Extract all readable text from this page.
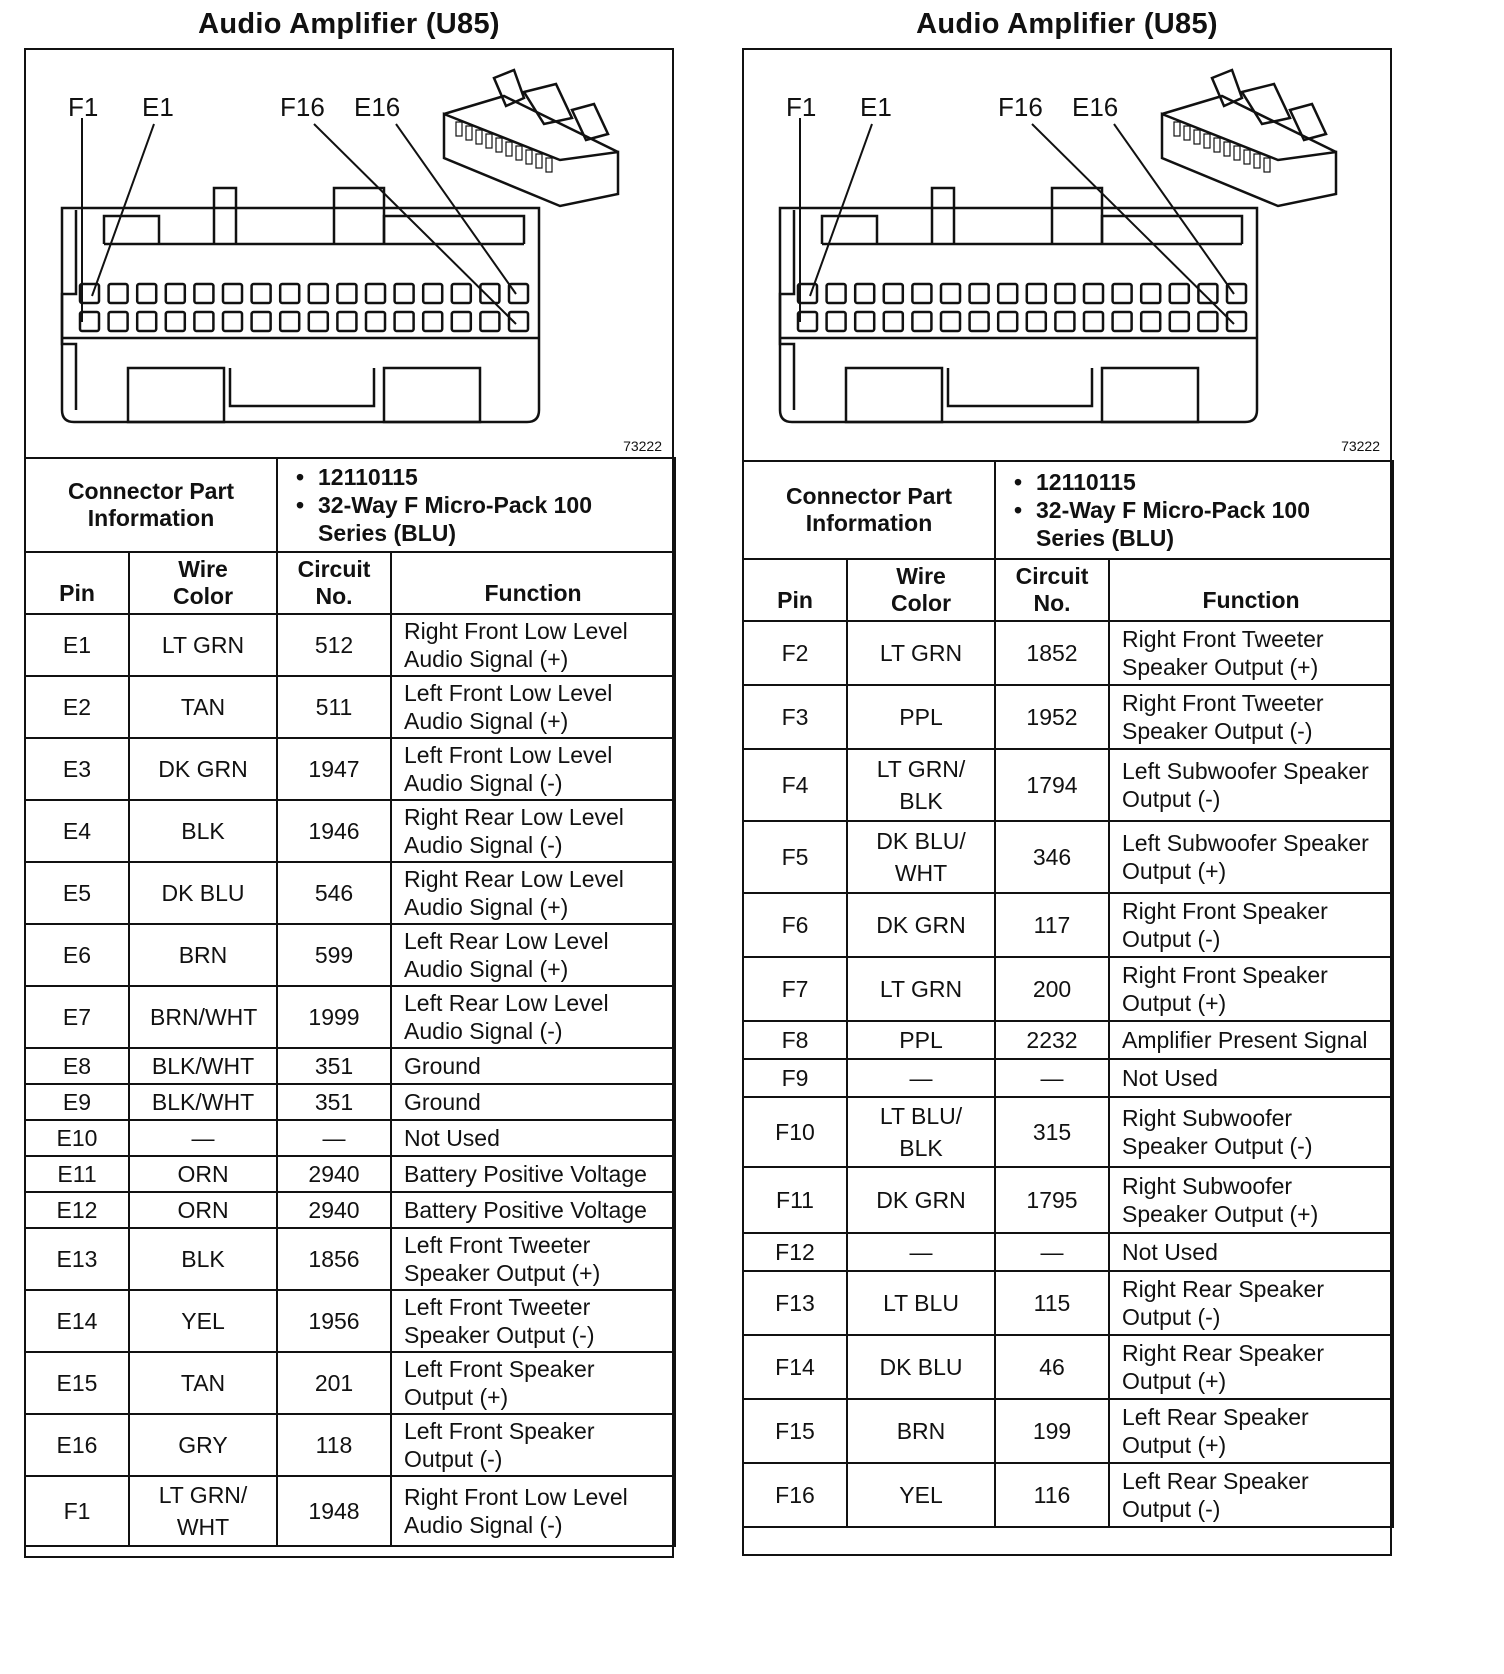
Audio Amplifier (U85)
F1 E1	F16 E16
73222
Connector Part Information		• 12110115
• 32-Way F Micro-Pack 100 Series (BLU)	

Pin	Wire Color	Circuit No.	Function
E1	LT GRN	512	Right Front Low Level Audio Signal (+)
E2	TAN	511	Left Front Low Level Audio Signal (+)
E3	DK GRN	1947	Left Front Low Level Audio Signal (-)
E4	BLK	1946	Right Rear Low Level Audio Signal (-)
E5	DK BLU	546	Right Rear Low Level Audio Signal (+)
E6	BRN	599	Left Rear Low Level Audio Signal (+)
E7	BRN/WHT	1999	Left Rear Low Level Audio Signal (-)
E8	BLK/WHT	351	Ground
E9	BLK/WHT	351	Ground
E10	—	—	Not Used
E11	ORN	2940	Battery Positive Voltage
E12	ORN	2940	Battery Positive Voltage
E13	BLK	1856	Left Front Tweeter Speaker Output (+)
E14	YEL	1956	Left Front Tweeter Speaker Output (-)
E15	TAN	201	Left Front Speaker Output (+)
E16	GRY	118	Left Front Speaker Output (-)
F1	LT GRN/ WHT	1948	Right Front Low Level Audio Signal (-)
Audio Amplifier (U85)
F1 E1	F16 E16
73222
Connector Part Information		• 12110115
• 32-Way F Micro-Pack 100 Series (BLU)	

Pin	Wire Color	Circuit No.	Function
F2	LT GRN	1852	Right Front Tweeter Speaker Output (+)
F3	PPL	1952	Right Front Tweeter Speaker Output (-)
F4	LT GRN/ BLK	1794	Left Subwoofer Speaker Output (-)
F5	DK BLU/ WHT	346	Left Subwoofer Speaker Output (+)
F6	DK GRN	117	Right Front Speaker Output (-)
F7	LT GRN	200	Right Front Speaker Output (+)
F8	PPL	2232	Amplifier Present Signal
F9	—	—	Not Used
F10	LT BLU/ BLK	315	Right Subwoofer Speaker Output (-)
F11	DK GRN	1795	Right Subwoofer Speaker Output (+)
F12	—	—	Not Used
F13	LT BLU	115	Right Rear Speaker Output (-)
F14	DK BLU	46	Right Rear Speaker Output (+)
F15	BRN	199	Left Rear Speaker Output (+)
F16	YEL	116	Left Rear Speaker Output (-)
